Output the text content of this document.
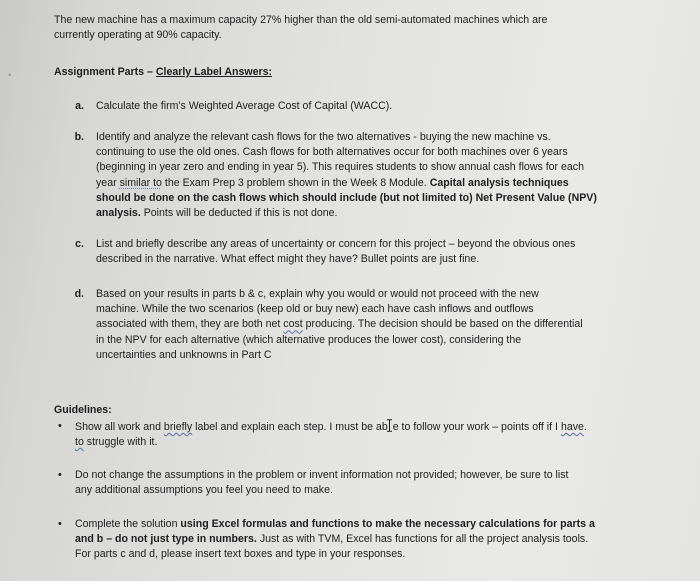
•
The new machine has a maximum capacity 27% higher than the old semi-automated machines which are
currently operating at 90% capacity.
Assignment Parts – Clearly Label Answers:
a. Calculate the firm's Weighted Average Cost of Capital (WACC).
b. Identify and analyze the relevant cash flows for the two alternatives - buying the new machine vs.
continuing to use the old ones. Cash flows for both alternatives occur for both machines over 6 years
(beginning in year zero and ending in year 5). This requires students to show annual cash flows for each
year similar to the Exam Prep 3 problem shown in the Week 8 Module. Capital analysis techniques
should be done on the cash flows which should include (but not limited to) Net Present Value (NPV)
analysis. Points will be deducted if this is not done.
c. List and briefly describe any areas of uncertainty or concern for this project – beyond the obvious ones
described in the narrative. What effect might they have? Bullet points are just fine.
d. Based on your results in parts b & c, explain why you would or would not proceed with the new
machine. While the two scenarios (keep old or buy new) each have cash inflows and outflows
associated with them, they are both net cost producing. The decision should be based on the differential
in the NPV for each alternative (which alternative produces the lower cost), considering the
uncertainties and unknowns in Part C
Guidelines:
• Show all work and briefly label and explain each step. I must be ab e to follow your work – points off if I have.
to struggle with it.
• Do not change the assumptions in the problem or invent information not provided; however, be sure to list
any additional assumptions you feel you need to make.
• Complete the solution using Excel formulas and functions to make the necessary calculations for parts a
and b – do not just type in numbers. Just as with TVM, Excel has functions for all the project analysis tools.
For parts c and d, please insert text boxes and type in your responses.
